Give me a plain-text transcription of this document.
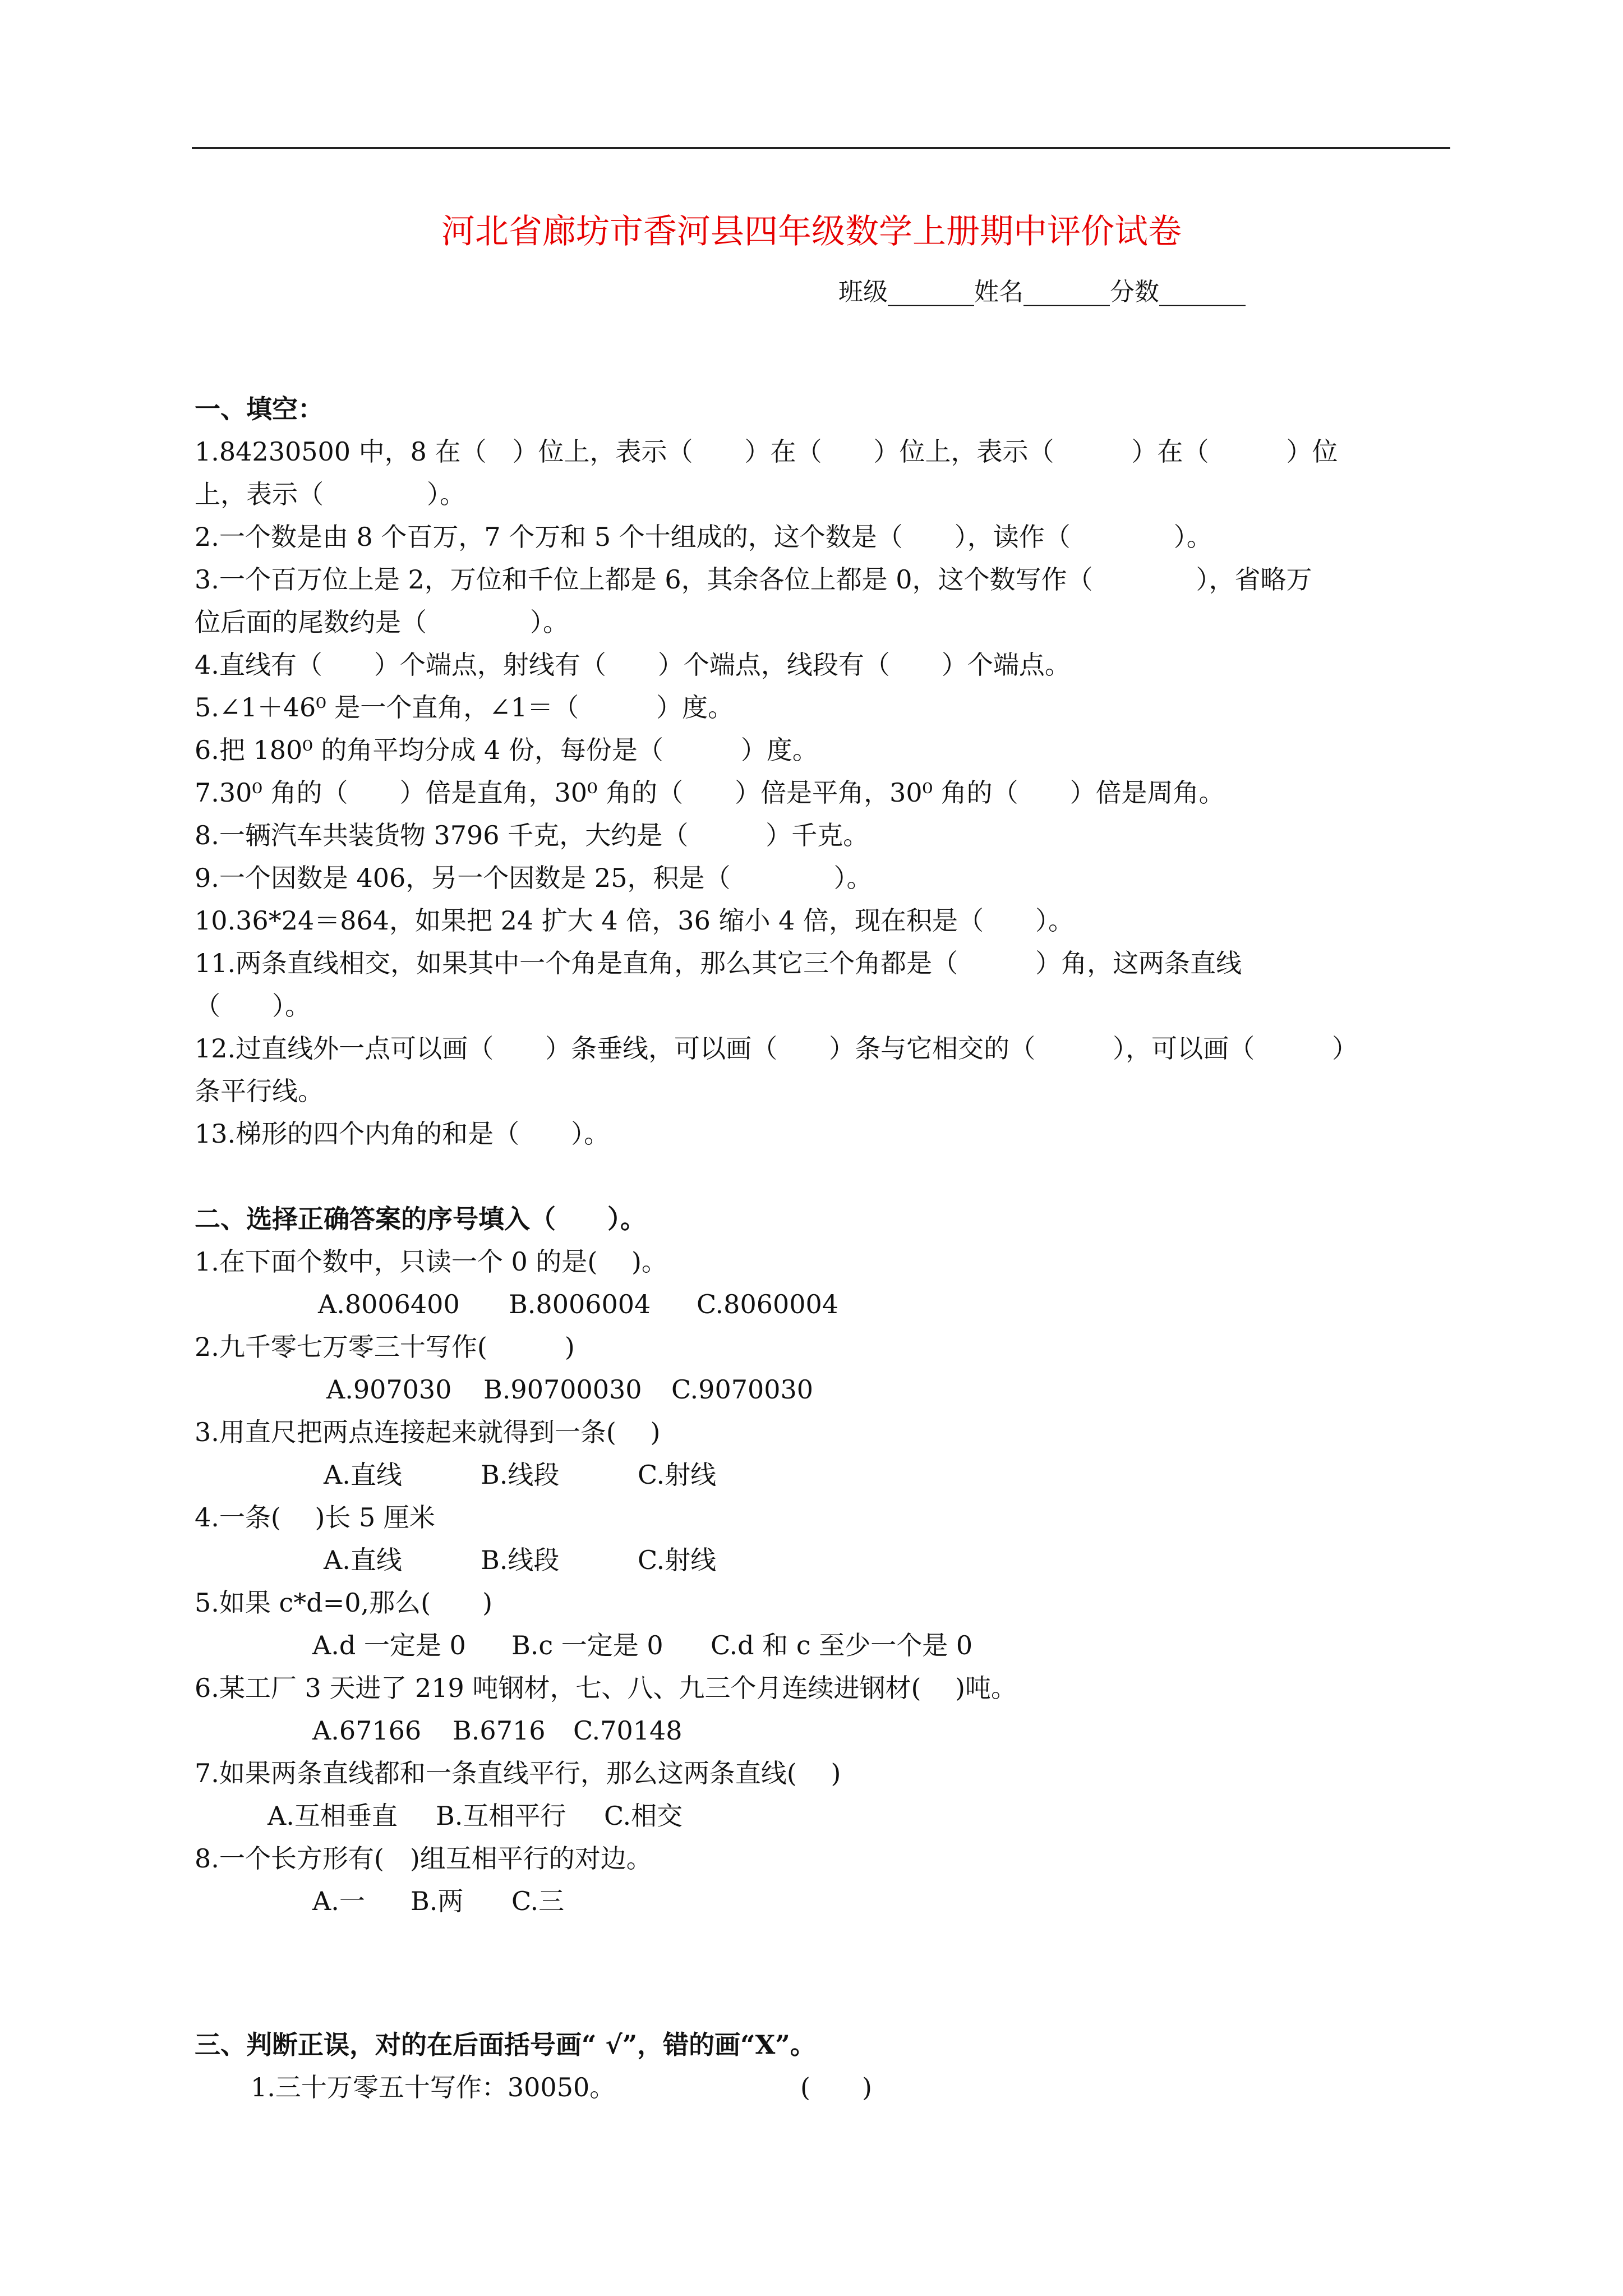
河北省廊坊市香河县四年级数学上册期中评价试卷
班级_______姓名_______分数_______
一、填空：
1.84230500 中，8 在（　）位上，表示（　　）在（　　）位上，表示（　　　）在（　　　）位
上，表示（　　　　）。
2.一个数是由 8 个百万，7 个万和 5 个十组成的，这个数是（　　），读作（　　　　）。
3.一个百万位上是 2，万位和千位上都是 6，其余各位上都是 0，这个数写作（　　　　），省略万
位后面的尾数约是（　　　　）。
4.直线有（　　）个端点，射线有（　　）个端点，线段有（　　）个端点。
5.∠1＋46⁰ 是一个直角，∠1＝（　　　）度。
6.把 180⁰ 的角平均分成 4 份，每份是（　　　）度。
7.30⁰ 角的（　　）倍是直角，30⁰ 角的（　　）倍是平角，30⁰ 角的（　　）倍是周角。
8.一辆汽车共装货物 3796 千克，大约是（　　　）千克。
9.一个因数是 406，另一个因数是 25，积是（　　　　）。
10.36*24＝864，如果把 24 扩大 4 倍，36 缩小 4 倍，现在积是（　　）。
11.两条直线相交，如果其中一个角是直角，那么其它三个角都是（　　　）角，这两条直线
（　　）。
12.过直线外一点可以画（　　）条垂线，可以画（　　）条与它相交的（　　　），可以画（　　　）
条平行线。
13.梯形的四个内角的和是（　　）。
二、选择正确答案的序号填入（　　）。
1.在下面个数中，只读一个 0 的是(　 )。
A.8006400 B.8006004 C.8060004
2.九千零七万零三十写作(　　　)
A.907030 B.90700030 C.9070030
3.用直尺把两点连接起来就得到一条(　 )
A.直线	B.线段	C.射线
4.一条(　 )长 5 厘米
A.直线	B.线段	C.射线
5.如果 c*d=0,那么(　　)
A.d 一定是 0 B.c 一定是 0 C.d 和 c 至少一个是 0
6.某工厂 3 天进了 219 吨钢材，七、八、九三个月连续进钢材(　 )吨。
A.67166 B.6716 C.70148
7.如果两条直线都和一条直线平行，那么这两条直线(　 )
A.互相垂直 B.互相平行 C.相交
8.一个长方形有(　)组互相平行的对边。
A.一 B.两 C.三
三、判断正误，对的在后面括号画“ √”，错的画“X”。
1.三十万零五十写作：30050。	(　　)
